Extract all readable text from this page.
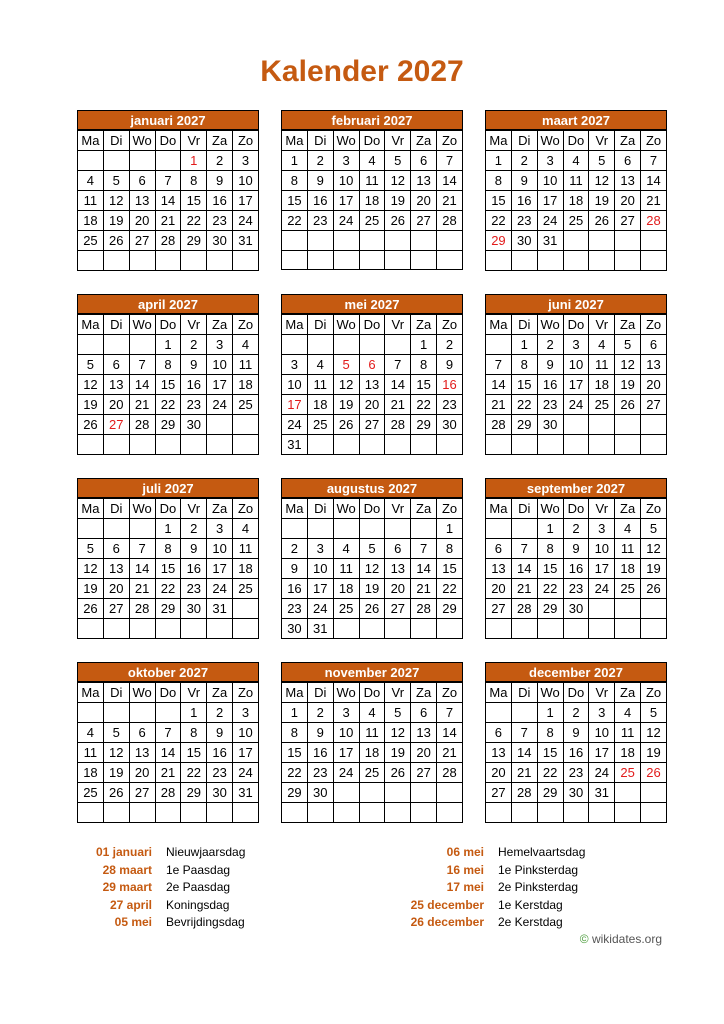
Kalender 2027
januari 2027
Ma	Di	Wo	Do	Vr	Za	Zo
				1	2	3
4	5	6	7	8	9	10
11	12	13	14	15	16	17
18	19	20	21	22	23	24
25	26	27	28	29	30	31

februari 2027
Ma	Di	Wo	Do	Vr	Za	Zo
1	2	3	4	5	6	7
8	9	10	11	12	13	14
15	16	17	18	19	20	21
22	23	24	25	26	27	28

maart 2027
Ma	Di	Wo	Do	Vr	Za	Zo
1	2	3	4	5	6	7
8	9	10	11	12	13	14
15	16	17	18	19	20	21
22	23	24	25	26	27	28
29	30	31				

april 2027
Ma	Di	Wo	Do	Vr	Za	Zo
			1	2	3	4
5	6	7	8	9	10	11
12	13	14	15	16	17	18
19	20	21	22	23	24	25
26	27	28	29	30		

mei 2027
Ma	Di	Wo	Do	Vr	Za	Zo
					1	2
3	4	5	6	7	8	9
10	11	12	13	14	15	16
17	18	19	20	21	22	23
24	25	26	27	28	29	30
31						
juni 2027
Ma	Di	Wo	Do	Vr	Za	Zo
	1	2	3	4	5	6
7	8	9	10	11	12	13
14	15	16	17	18	19	20
21	22	23	24	25	26	27
28	29	30				

juli 2027
Ma	Di	Wo	Do	Vr	Za	Zo
			1	2	3	4
5	6	7	8	9	10	11
12	13	14	15	16	17	18
19	20	21	22	23	24	25
26	27	28	29	30	31	

augustus 2027
Ma	Di	Wo	Do	Vr	Za	Zo
						1
2	3	4	5	6	7	8
9	10	11	12	13	14	15
16	17	18	19	20	21	22
23	24	25	26	27	28	29
30	31					
september 2027
Ma	Di	Wo	Do	Vr	Za	Zo
		1	2	3	4	5
6	7	8	9	10	11	12
13	14	15	16	17	18	19
20	21	22	23	24	25	26
27	28	29	30			

oktober 2027
Ma	Di	Wo	Do	Vr	Za	Zo
				1	2	3
4	5	6	7	8	9	10
11	12	13	14	15	16	17
18	19	20	21	22	23	24
25	26	27	28	29	30	31

november 2027
Ma	Di	Wo	Do	Vr	Za	Zo
1	2	3	4	5	6	7
8	9	10	11	12	13	14
15	16	17	18	19	20	21
22	23	24	25	26	27	28
29	30					

december 2027
Ma	Di	Wo	Do	Vr	Za	Zo
		1	2	3	4	5
6	7	8	9	10	11	12
13	14	15	16	17	18	19
20	21	22	23	24	25	26
27	28	29	30	31		

01 januari Nieuwjaarsdag
28 maart 1e Paasdag
29 maart 2e Paasdag
27 april Koningsdag
05 mei Bevrijdingsdag
06 mei Hemelvaartsdag
16 mei 1e Pinksterdag
17 mei 2e Pinksterdag
25 december 1e Kerstdag
26 december 2e Kerstdag
© wikidates.org
